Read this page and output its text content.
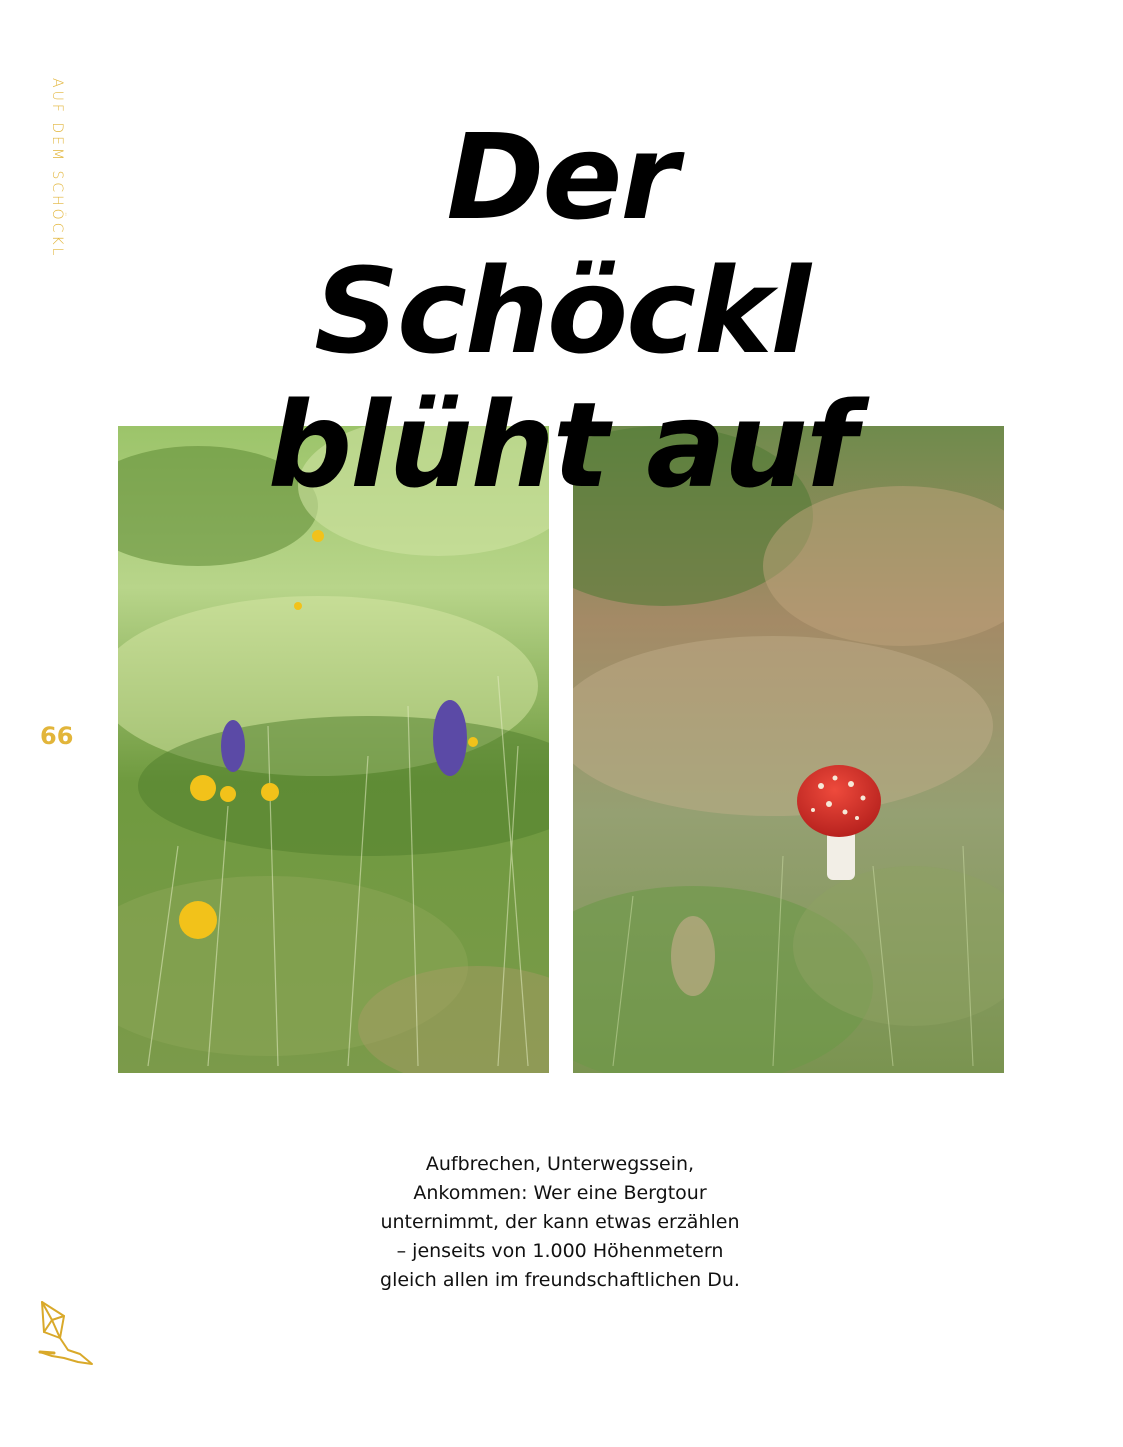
AUF DEM SCHÖCKL
66
Der
Schöckl
blüht auf
Aufbrechen, Unterwegssein,
Ankommen: Wer eine Bergtour
unternimmt, der kann etwas erzählen
– jenseits von 1.000 Höhenmetern
gleich allen im freundschaftlichen Du.
